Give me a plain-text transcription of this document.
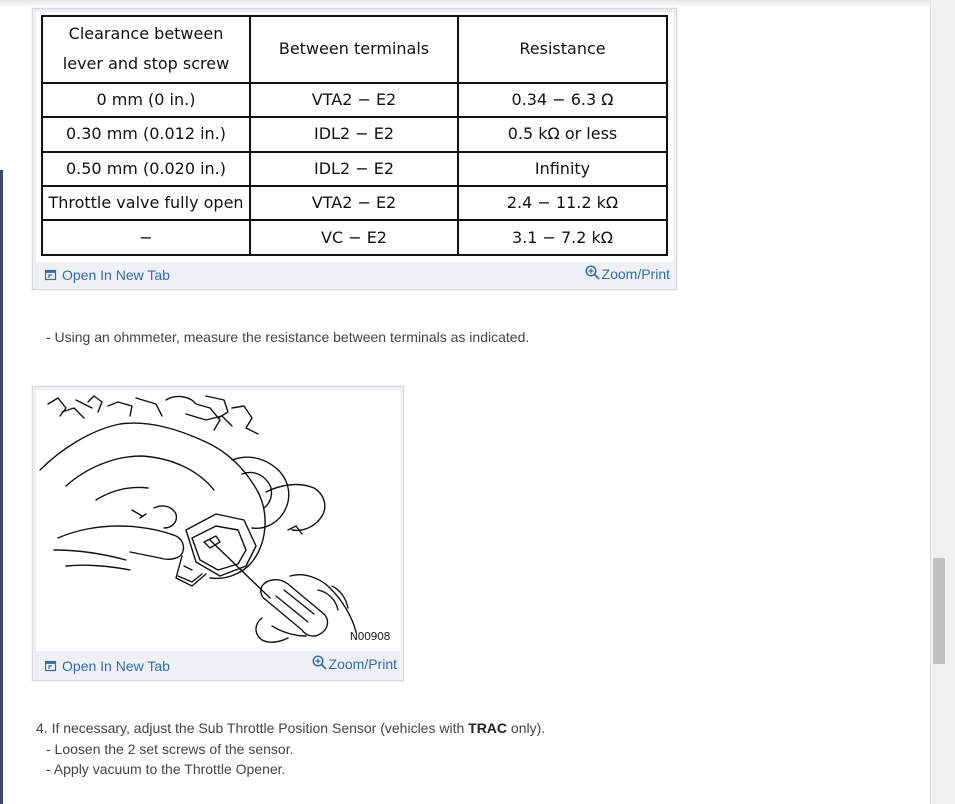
Clearance between lever and stop screw	Between terminals	Resistance
0 mm (0 in.)	VTA2 − E2	0.34 − 6.3 Ω
0.30 mm (0.012 in.)	IDL2 − E2	0.5 kΩ or less
0.50 mm (0.020 in.)	IDL2 − E2	Infinity
Throttle valve fully open	VTA2 − E2	2.4 − 11.2 kΩ
−	VC − E2	3.1 − 7.2 kΩ
Open In New Tab	Zoom/Print
- Using an ohmmeter, measure the resistance between terminals as indicated.
N00908
Open In New Tab	Zoom/Print
4. If necessary, adjust the Sub Throttle Position Sensor (vehicles with TRAC only).
- Loosen the 2 set screws of the sensor.
- Apply vacuum to the Throttle Opener.
